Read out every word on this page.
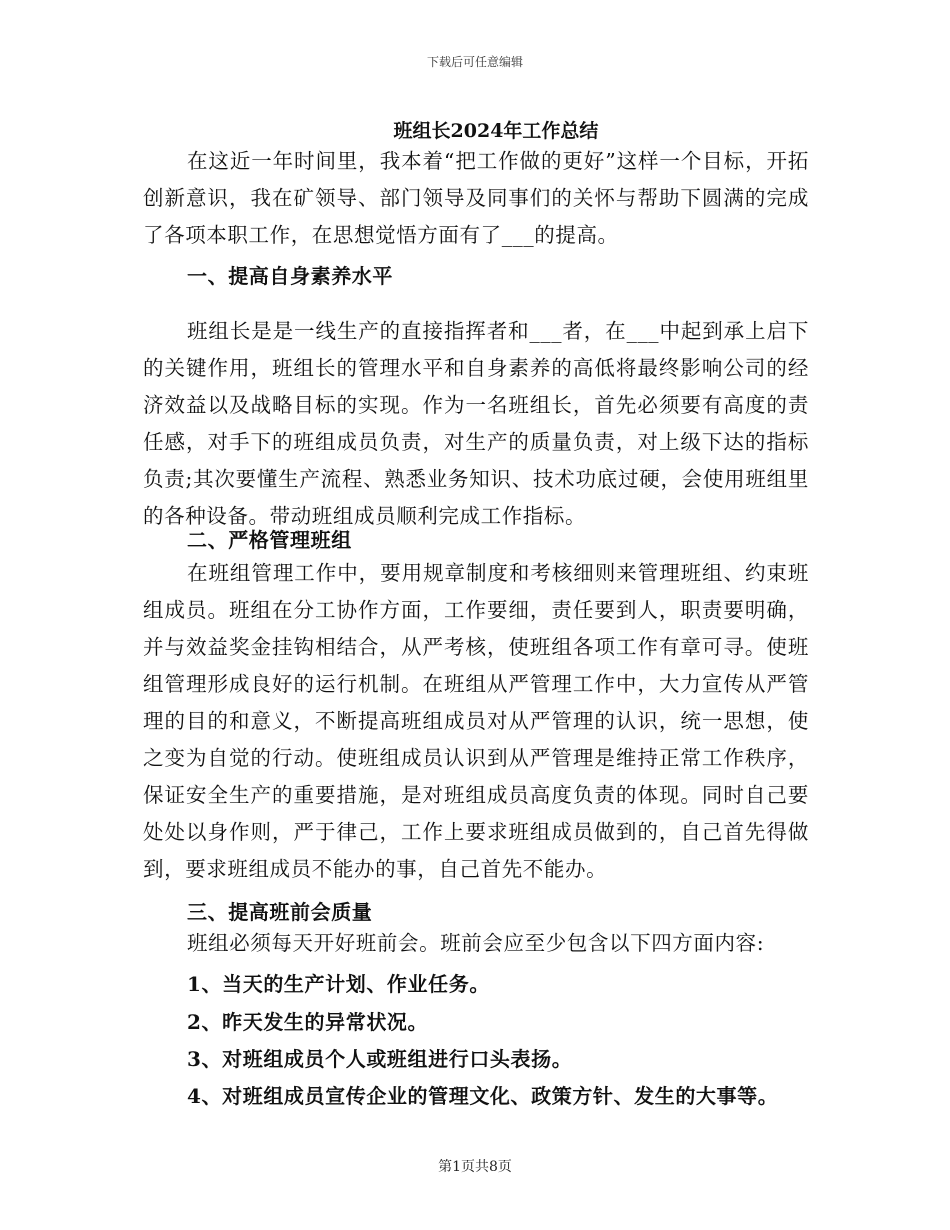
下载后可任意编辑
班组长2024年工作总结

在这近一年时间里，我本着“把工作做的更好”这样一个目标，开拓创新意识，我在矿领导、部门领导及同事们的关怀与帮助下圆满的完成了各项本职工作，在思想觉悟方面有了___的提高。

一、提高自身素养水平

班组长是是一线生产的直接指挥者和___者，在___中起到承上启下的关键作用，班组长的管理水平和自身素养的高低将最终影响公司的经济效益以及战略目标的实现。作为一名班组长，首先必须要有高度的责任感，对手下的班组成员负责，对生产的质量负责，对上级下达的指标负责;其次要懂生产流程、熟悉业务知识、技术功底过硬，会使用班组里的各种设备。带动班组成员顺利完成工作指标。

二、严格管理班组

在班组管理工作中，要用规章制度和考核细则来管理班组、约束班组成员。班组在分工协作方面，工作要细，责任要到人，职责要明确，并与效益奖金挂钩相结合，从严考核，使班组各项工作有章可寻。使班组管理形成良好的运行机制。在班组从严管理工作中，大力宣传从严管理的目的和意义，不断提高班组成员对从严管理的认识，统一思想，使之变为自觉的行动。使班组成员认识到从严管理是维持正常工作秩序，保证安全生产的重要措施，是对班组成员高度负责的体现。同时自己要处处以身作则，严于律己，工作上要求班组成员做到的，自己首先得做到，要求班组成员不能办的事，自己首先不能办。

三、提高班前会质量

班组必须每天开好班前会。班前会应至少包含以下四方面内容:

1、当天的生产计划、作业任务。
2、昨天发生的异常状况。
3、对班组成员个人或班组进行口头表扬。
4、对班组成员宣传企业的管理文化、政策方针、发生的大事等。
第1页共8页
